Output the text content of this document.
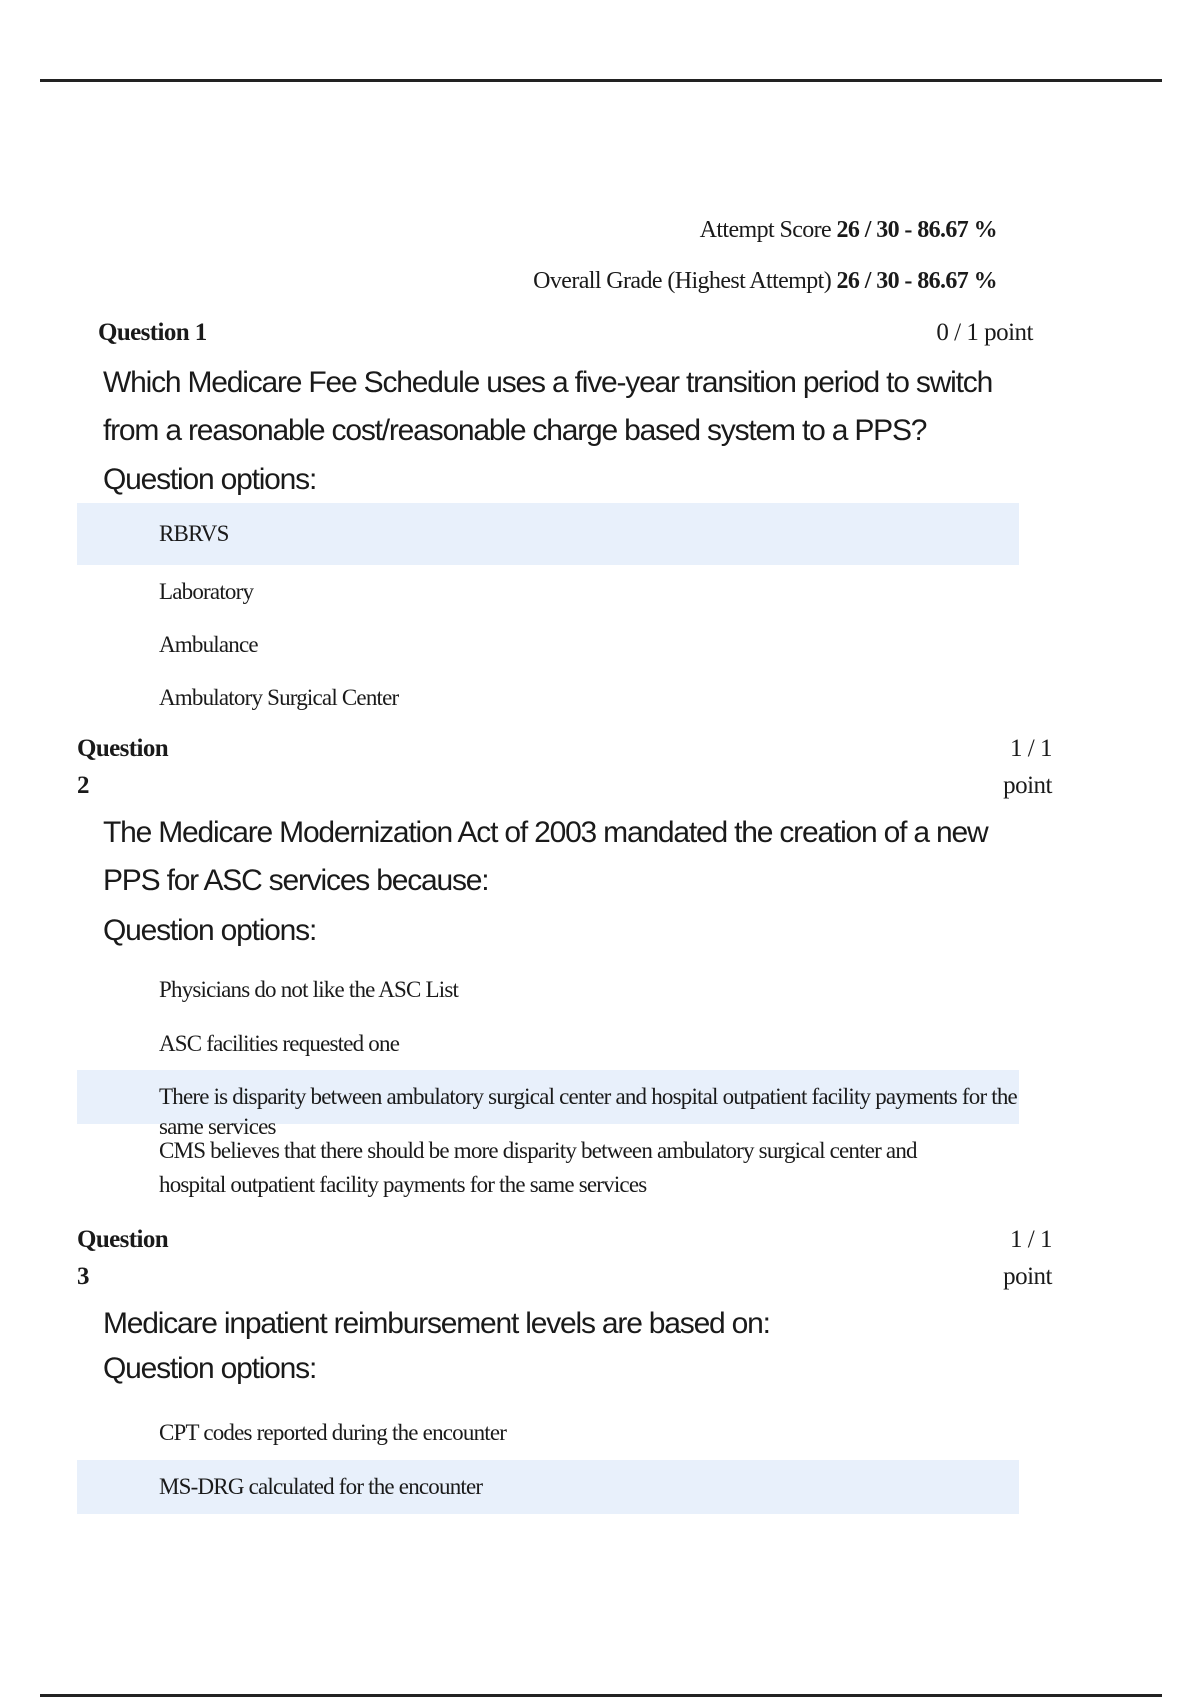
Attempt Score 26 / 30 - 86.67 %
Overall Grade (Highest Attempt) 26 / 30 - 86.67 %
Question 1	0 / 1 point
Which Medicare Fee Schedule uses a five-year transition period to switch from a reasonable cost/reasonable charge based system to a PPS?
Question options:
RBRVS
Laboratory
Ambulance
Ambulatory Surgical Center
Question
2
1 / 1
point
The Medicare Modernization Act of 2003 mandated the creation of a new PPS for ASC services because:
Question options:
Physicians do not like the ASC List
ASC facilities requested one
There is disparity between ambulatory surgical center and hospital outpatient facility payments for the same services
CMS believes that there should be more disparity between ambulatory surgical center and hospital outpatient facility payments for the same services
Question
3
1 / 1
point
Medicare inpatient reimbursement levels are based on:
Question options:
CPT codes reported during the encounter
MS-DRG calculated for the encounter
